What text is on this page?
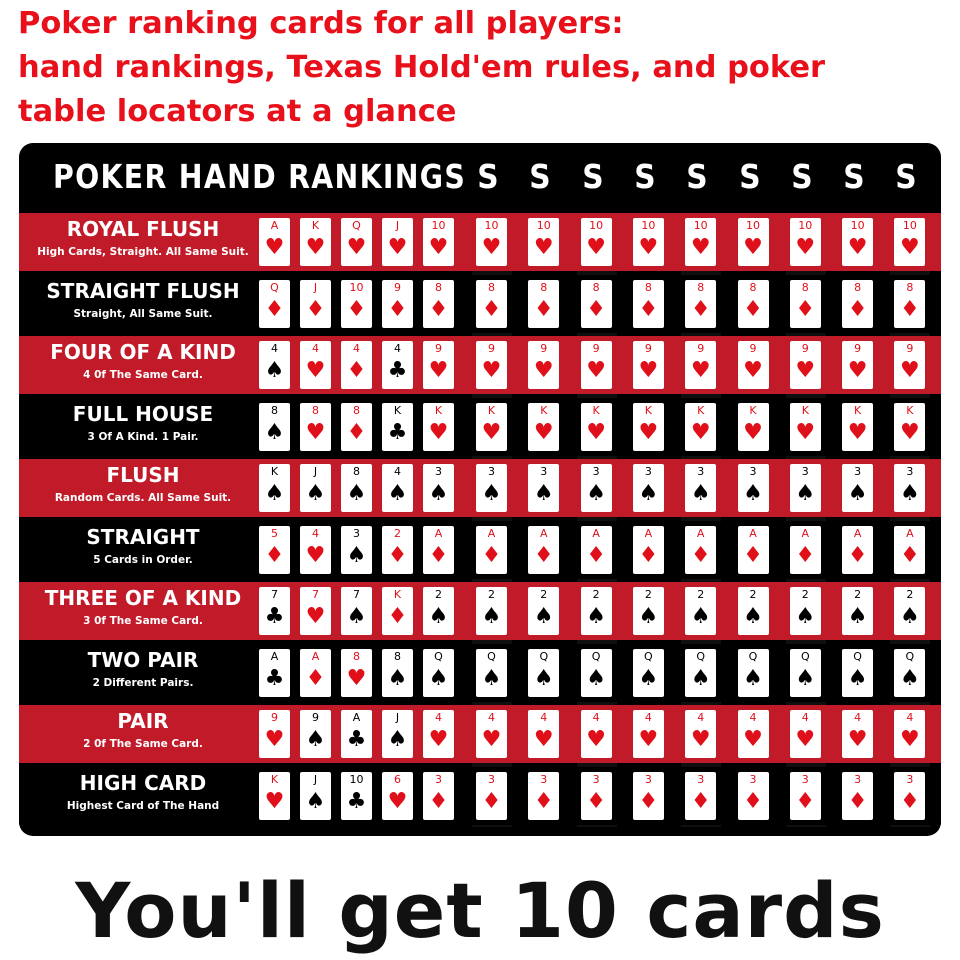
Poker ranking cards for all players:
hand rankings, Texas Hold'em rules, and poker
table locators at a glance
POKER HAND RANKINGS S S S S S S S S S
ROYAL FLUSH
High Cards, Straight. All Same Suit.
STRAIGHT FLUSH
Straight, All Same Suit.
FOUR OF A KIND
4 0f The Same Card.
FULL HOUSE
3 Of A Kind. 1 Pair.
FLUSH
Random Cards. All Same Suit.
STRAIGHT
5 Cards in Order.
THREE OF A KIND
3 0f The Same Card.
TWO PAIR
2 Different Pairs.
PAIR
2 0f The Same Card.
HIGH CARD
Highest Card of The Hand
A
♥
K
♥
Q
♥
J
♥
10
♥
10
♥
10
♥
10
♥
10
♥
10
♥
10
♥
10
♥
10
♥
10
♥
Q
♦
J
♦
10
♦
9
♦
8
♦
8
♦
8
♦
8
♦
8
♦
8
♦
8
♦
8
♦
8
♦
8
♦
4
♠
4
♥
4
♦
4
♣
9
♥
9
♥
9
♥
9
♥
9
♥
9
♥
9
♥
9
♥
9
♥
9
♥
8
♠
8
♥
8
♦
K
♣
K
♥
K
♥
K
♥
K
♥
K
♥
K
♥
K
♥
K
♥
K
♥
K
♥
K
♠
J
♠
8
♠
4
♠
3
♠
3
♠
3
♠
3
♠
3
♠
3
♠
3
♠
3
♠
3
♠
3
♠
5
♦
4
♥
3
♠
2
♦
A
♦
A
♦
A
♦
A
♦
A
♦
A
♦
A
♦
A
♦
A
♦
A
♦
7
♣
7
♥
7
♠
K
♦
2
♠
2
♠
2
♠
2
♠
2
♠
2
♠
2
♠
2
♠
2
♠
2
♠
A
♣
A
♦
8
♥
8
♠
Q
♠
Q
♠
Q
♠
Q
♠
Q
♠
Q
♠
Q
♠
Q
♠
Q
♠
Q
♠
9
♥
9
♠
A
♣
J
♠
4
♥
4
♥
4
♥
4
♥
4
♥
4
♥
4
♥
4
♥
4
♥
4
♥
K
♥
J
♠
10
♣
6
♥
3
♦
3
♦
3
♦
3
♦
3
♦
3
♦
3
♦
3
♦
3
♦
3
♦
You'll get 10 cards
